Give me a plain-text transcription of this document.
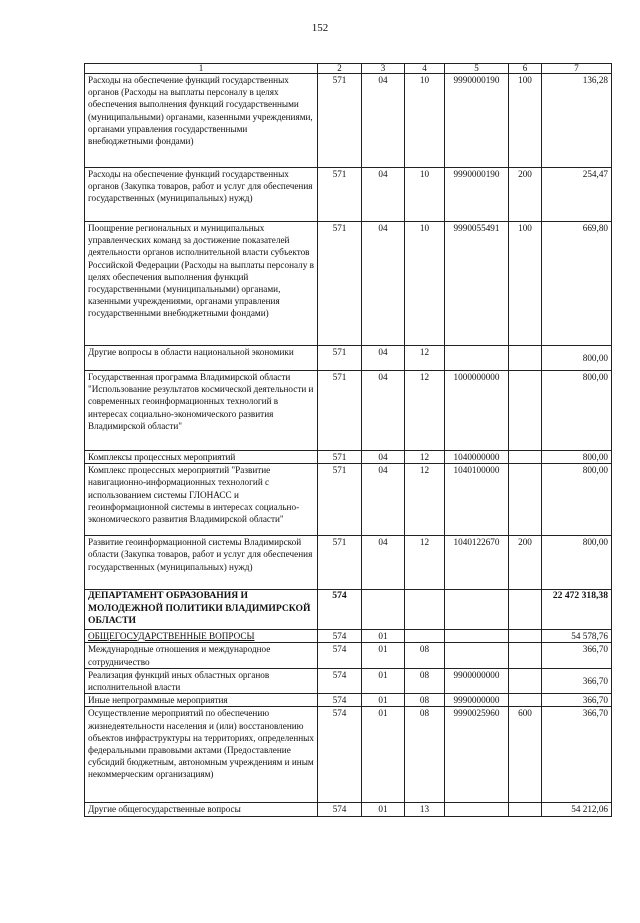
152
1	2	3	4	5	6	7
Расходы на обеспечение функций государственных органов (Расходы на выплаты персоналу в целях обеспечения выполнения функций государственными (муниципальными) органами, казенными учреждениями, органами управления государственными внебюджетными фондами)	571	04	10	9990000190	100	136,28
Расходы на обеспечение функций государственных органов (Закупка товаров, работ и услуг для обеспечения государственных (муниципальных) нужд)	571	04	10	9990000190	200	254,47
Поощрение региональных и муниципальных управленческих команд за достижение показателей деятельности органов исполнительной власти субъектов Российской Федерации (Расходы на выплаты персоналу в целях обеспечения выполнения функций государственными (муниципальными) органами, казенными учреждениями, органами управления государственными внебюджетными фондами)	571	04	10	9990055491	100	669,80
Другие вопросы в области национальной экономики	571	04	12			800,00
Государственная программа Владимирской области "Использование результатов космической деятельности и современных геоинформационных технологий в интересах социально-экономического развития Владимирской области"	571	04	12	1000000000		800,00
Комплексы процессных мероприятий	571	04	12	1040000000		800,00
Комплекс процессных мероприятий "Развитие навигационно-информационных технологий с использованием системы ГЛОНАСС и геоинформационной системы в интересах социально-экономического развития Владимирской области"	571	04	12	1040100000		800,00
Развитие геоинформационной системы Владимирской области (Закупка товаров, работ и услуг для обеспечения государственных (муниципальных) нужд)	571	04	12	1040122670	200	800,00
ДЕПАРТАМЕНТ ОБРАЗОВАНИЯ И МОЛОДЕЖНОЙ ПОЛИТИКИ ВЛАДИМИРСКОЙ ОБЛАСТИ	574					22 472 318,38
ОБЩЕГОСУДАРСТВЕННЫЕ ВОПРОСЫ	574	01				54 578,76
Международные отношения и международное сотрудничество	574	01	08			366,70
Реализация функций иных областных органов исполнительной власти	574	01	08	9900000000		366,70
Иные непрограммные мероприятия	574	01	08	9990000000		366,70
Осуществление мероприятий по обеспечению жизнедеятельности населения и (или) восстановлению объектов инфраструктуры на территориях, определенных федеральными правовыми актами (Предоставление субсидий бюджетным, автономным учреждениям и иным некоммерческим организациям)	574	01	08	9990025960	600	366,70
Другие общегосударственные вопросы	574	01	13			54 212,06
